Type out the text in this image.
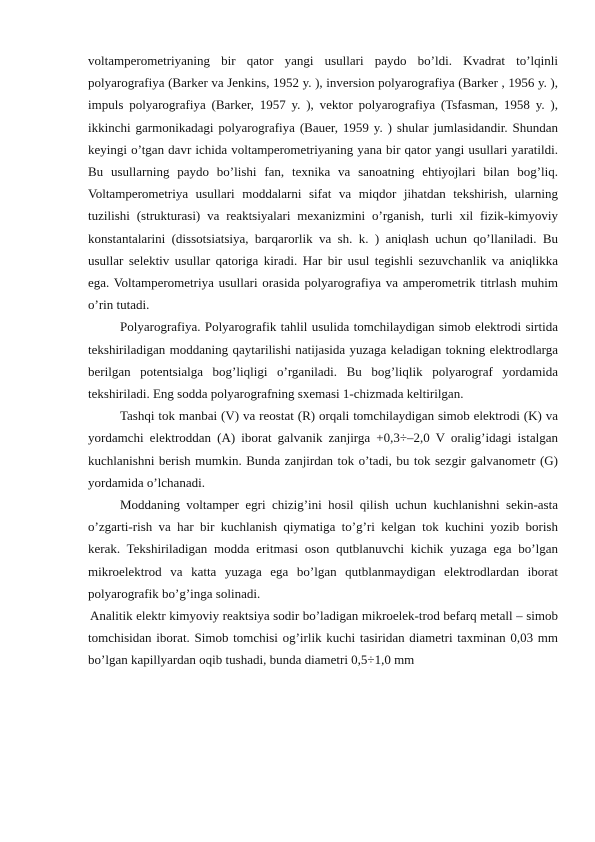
voltamperometriyaning bir qator yangi usullari paydo bo’ldi. Kvadrat to’lqinli polyarografiya (Barker va Jenkins, 1952 y. ), inversion polyarografiya (Barker , 1956 y. ), impuls polyarografiya (Barker, 1957 y. ), vektor polyarografiya (Tsfasman, 1958 y. ), ikkinchi garmonikadagi polyarografiya (Bauer, 1959 y. ) shular jumlasidandir. Shundan keyingi o’tgan davr ichida voltamperometriyaning yana bir qator yangi usullari yaratildi. Bu usullarning paydo bo’lishi fan, texnika va sanoatning ehtiyojlari bilan bog’liq. Voltamperometriya usullari moddalarni sifat va miqdor jihatdan tekshirish, ularning tuzilishi (strukturasi) va reaktsiyalari mexanizmini o’rganish, turli xil fizik-kimyoviy konstantalarini (dissotsiatsiya, barqarorlik va sh. k. ) aniqlash uchun qo’llaniladi. Bu usullar selektiv usullar qatoriga kiradi. Har bir usul tegishli sezuvchanlik va aniqlikka ega. Voltamperometriya usullari orasida polyarografiya va amperometrik titrlash muhim o’rin tutadi.

Polyarografiya. Polyarografik tahlil usulida tomchilaydigan simob elektrodi sirtida tekshiriladigan moddaning qaytarilishi natijasida yuzaga keladigan tokning elektrodlarga berilgan potentsialga bog’liqligi o’rganiladi. Bu bog’liqlik polyarograf yordamida tekshiriladi. Eng sodda polyarografning sxemasi 1-chizmada keltirilgan.

Tashqi tok manbai (V) va reostat (R) orqali tomchilaydigan simob elektrodi (K) va yordamchi elektroddan (A) iborat galvanik zanjirga +0,3÷–2,0 V oralig’idagi istalgan kuchlanishni berish mumkin. Bunda zanjirdan tok o’tadi, bu tok sezgir galvanometr (G) yordamida o’lchanadi.

Moddaning voltamper egri chizig’ini hosil qilish uchun kuchlanishni sekin-asta o’zgarti-rish va har bir kuchlanish qiymatiga to’g’ri kelgan tok kuchini yozib borish kerak. Tekshiriladigan modda eritmasi oson qutblanuvchi kichik yuzaga ega bo’lgan mikroelektrod va katta yuzaga ega bo’lgan qutblanmaydigan elektrodlardan iborat polyarografik bo’g’inga solinadi.

Analitik elektr kimyoviy reaktsiya sodir bo’ladigan mikroelek-trod befarq metall – simob tomchisidan iborat. Simob tomchisi og’irlik kuchi tasiridan diametri taxminan 0,03 mm bo’lgan kapillyardan oqib tushadi, bunda diametri 0,5÷1,0 mm
